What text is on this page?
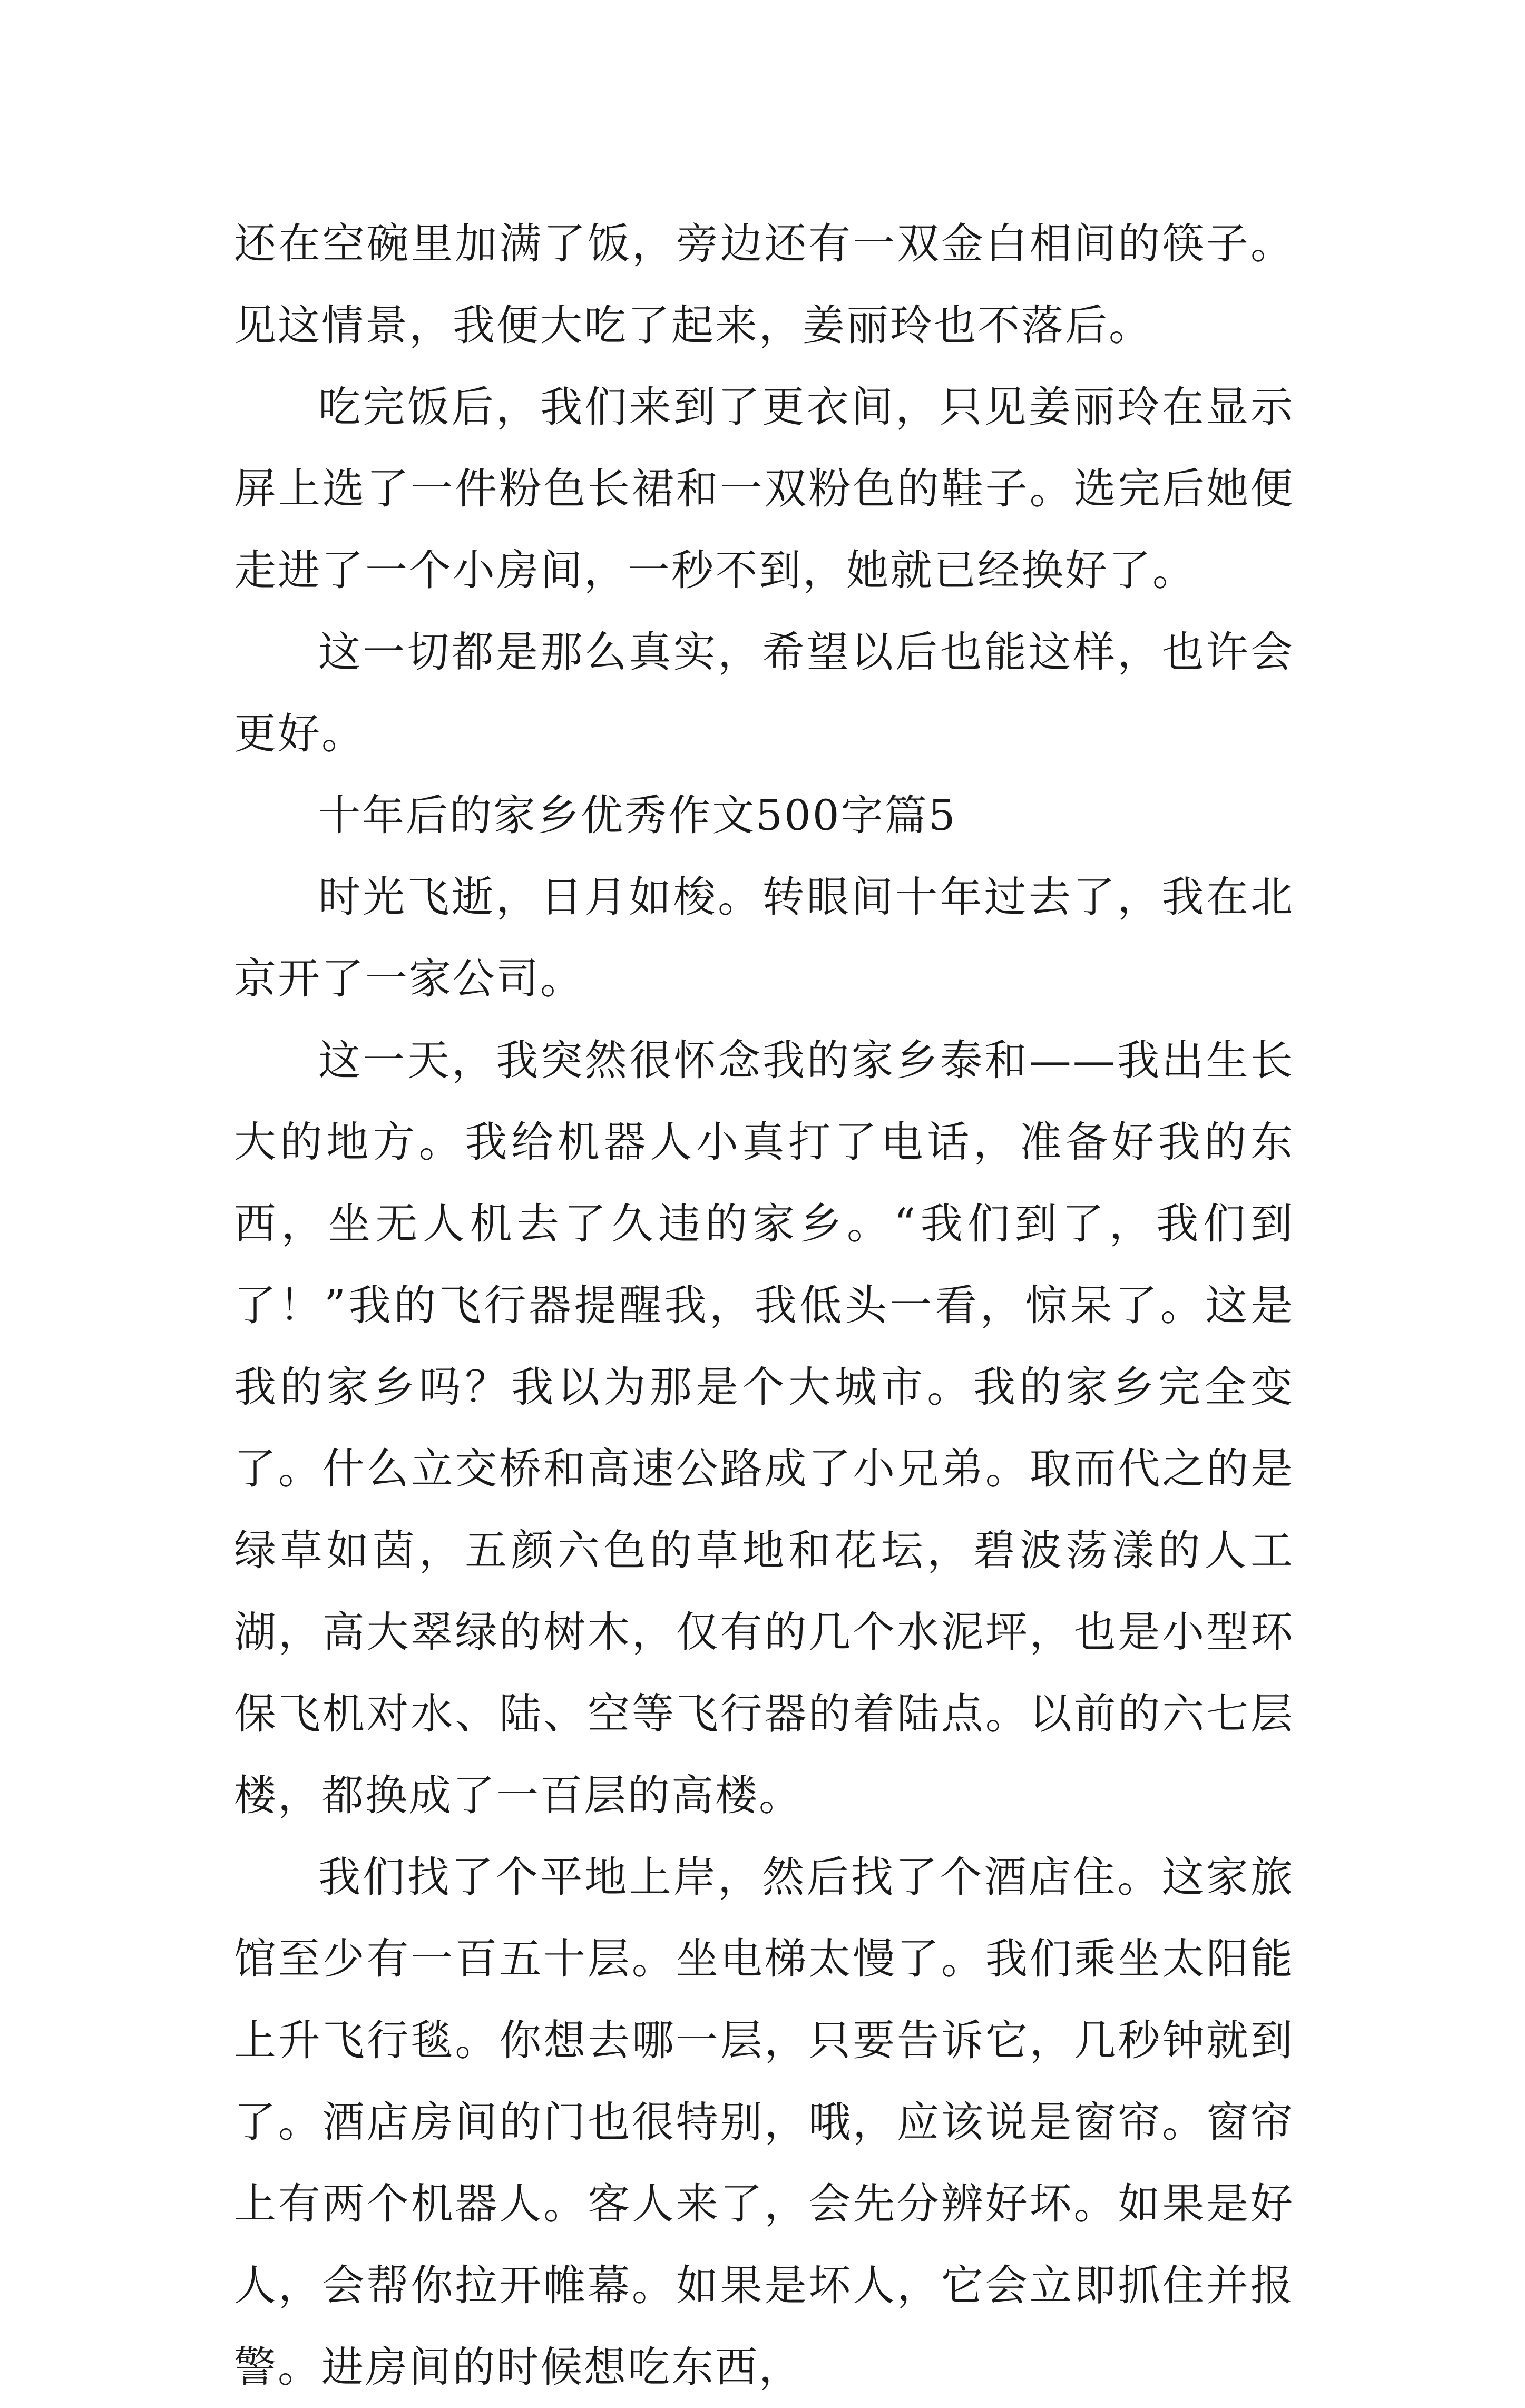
还在空碗里加满了饭，旁边还有一双金白相间的筷子。见这情景，我便大吃了起来，姜丽玲也不落后。

吃完饭后，我们来到了更衣间，只见姜丽玲在显示屏上选了一件粉色长裙和一双粉色的鞋子。选完后她便走进了一个小房间，一秒不到，她就已经换好了。

这一切都是那么真实，希望以后也能这样，也许会更好。

十年后的家乡优秀作文500字篇5

时光飞逝，日月如梭。转眼间十年过去了，我在北京开了一家公司。

这一天，我突然很怀念我的家乡泰和——我出生长大的地方。我给机器人小真打了电话，准备好我的东西，坐无人机去了久违的家乡。“我们到了，我们到了！”我的飞行器提醒我，我低头一看，惊呆了。这是我的家乡吗？我以为那是个大城市。我的家乡完全变了。什么立交桥和高速公路成了小兄弟。取而代之的是绿草如茵，五颜六色的草地和花坛，碧波荡漾的人工湖，高大翠绿的树木，仅有的几个水泥坪，也是小型环保飞机对水、陆、空等飞行器的着陆点。以前的六七层楼，都换成了一百层的高楼。

我们找了个平地上岸，然后找了个酒店住。这家旅馆至少有一百五十层。坐电梯太慢了。我们乘坐太阳能上升飞行毯。你想去哪一层，只要告诉它，几秒钟就到了。酒店房间的门也很特别，哦，应该说是窗帘。窗帘上有两个机器人。客人来了，会先分辨好坏。如果是好人，会帮你拉开帷幕。如果是坏人，它会立即抓住并报警。进房间的时候想吃东西，
